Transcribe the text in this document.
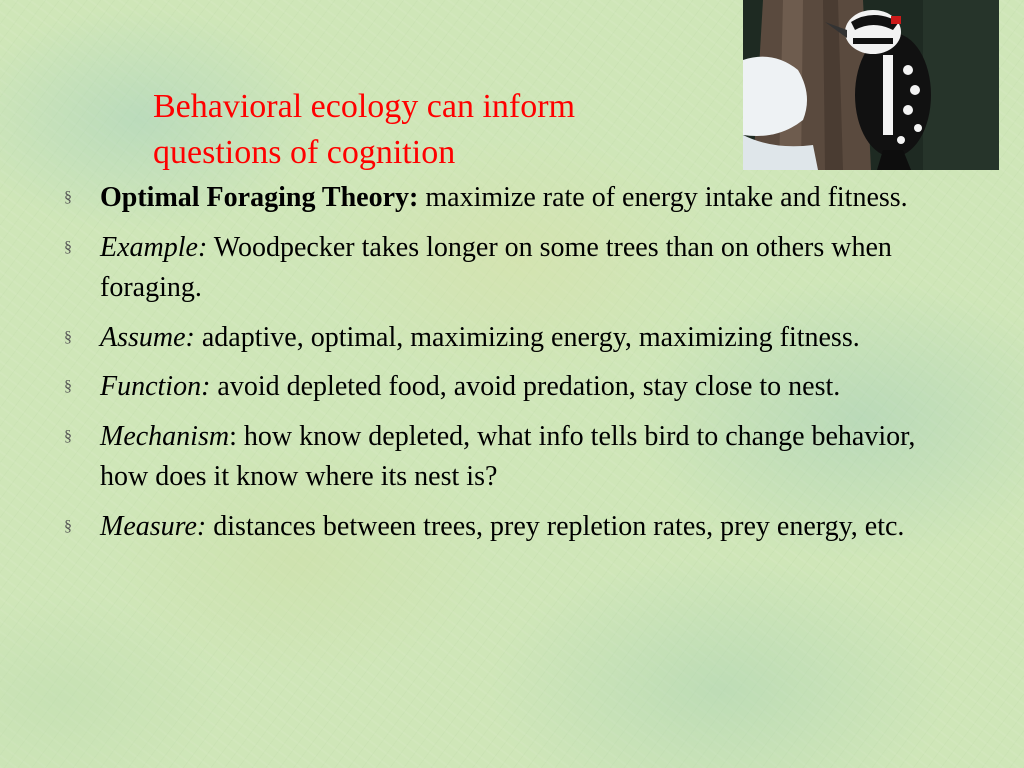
Behavioral ecology can inform
questions of cognition
§ Optimal Foraging Theory: maximize rate of energy intake and fitness.
§ Example: Woodpecker takes longer on some trees than on others when foraging.
§ Assume: adaptive, optimal, maximizing energy, maximizing fitness.
§ Function: avoid depleted food, avoid predation, stay close to nest.
§ Mechanism: how know depleted, what info tells bird to change behavior, how does it know where its nest is?
§ Measure: distances between trees, prey repletion rates, prey energy, etc.
